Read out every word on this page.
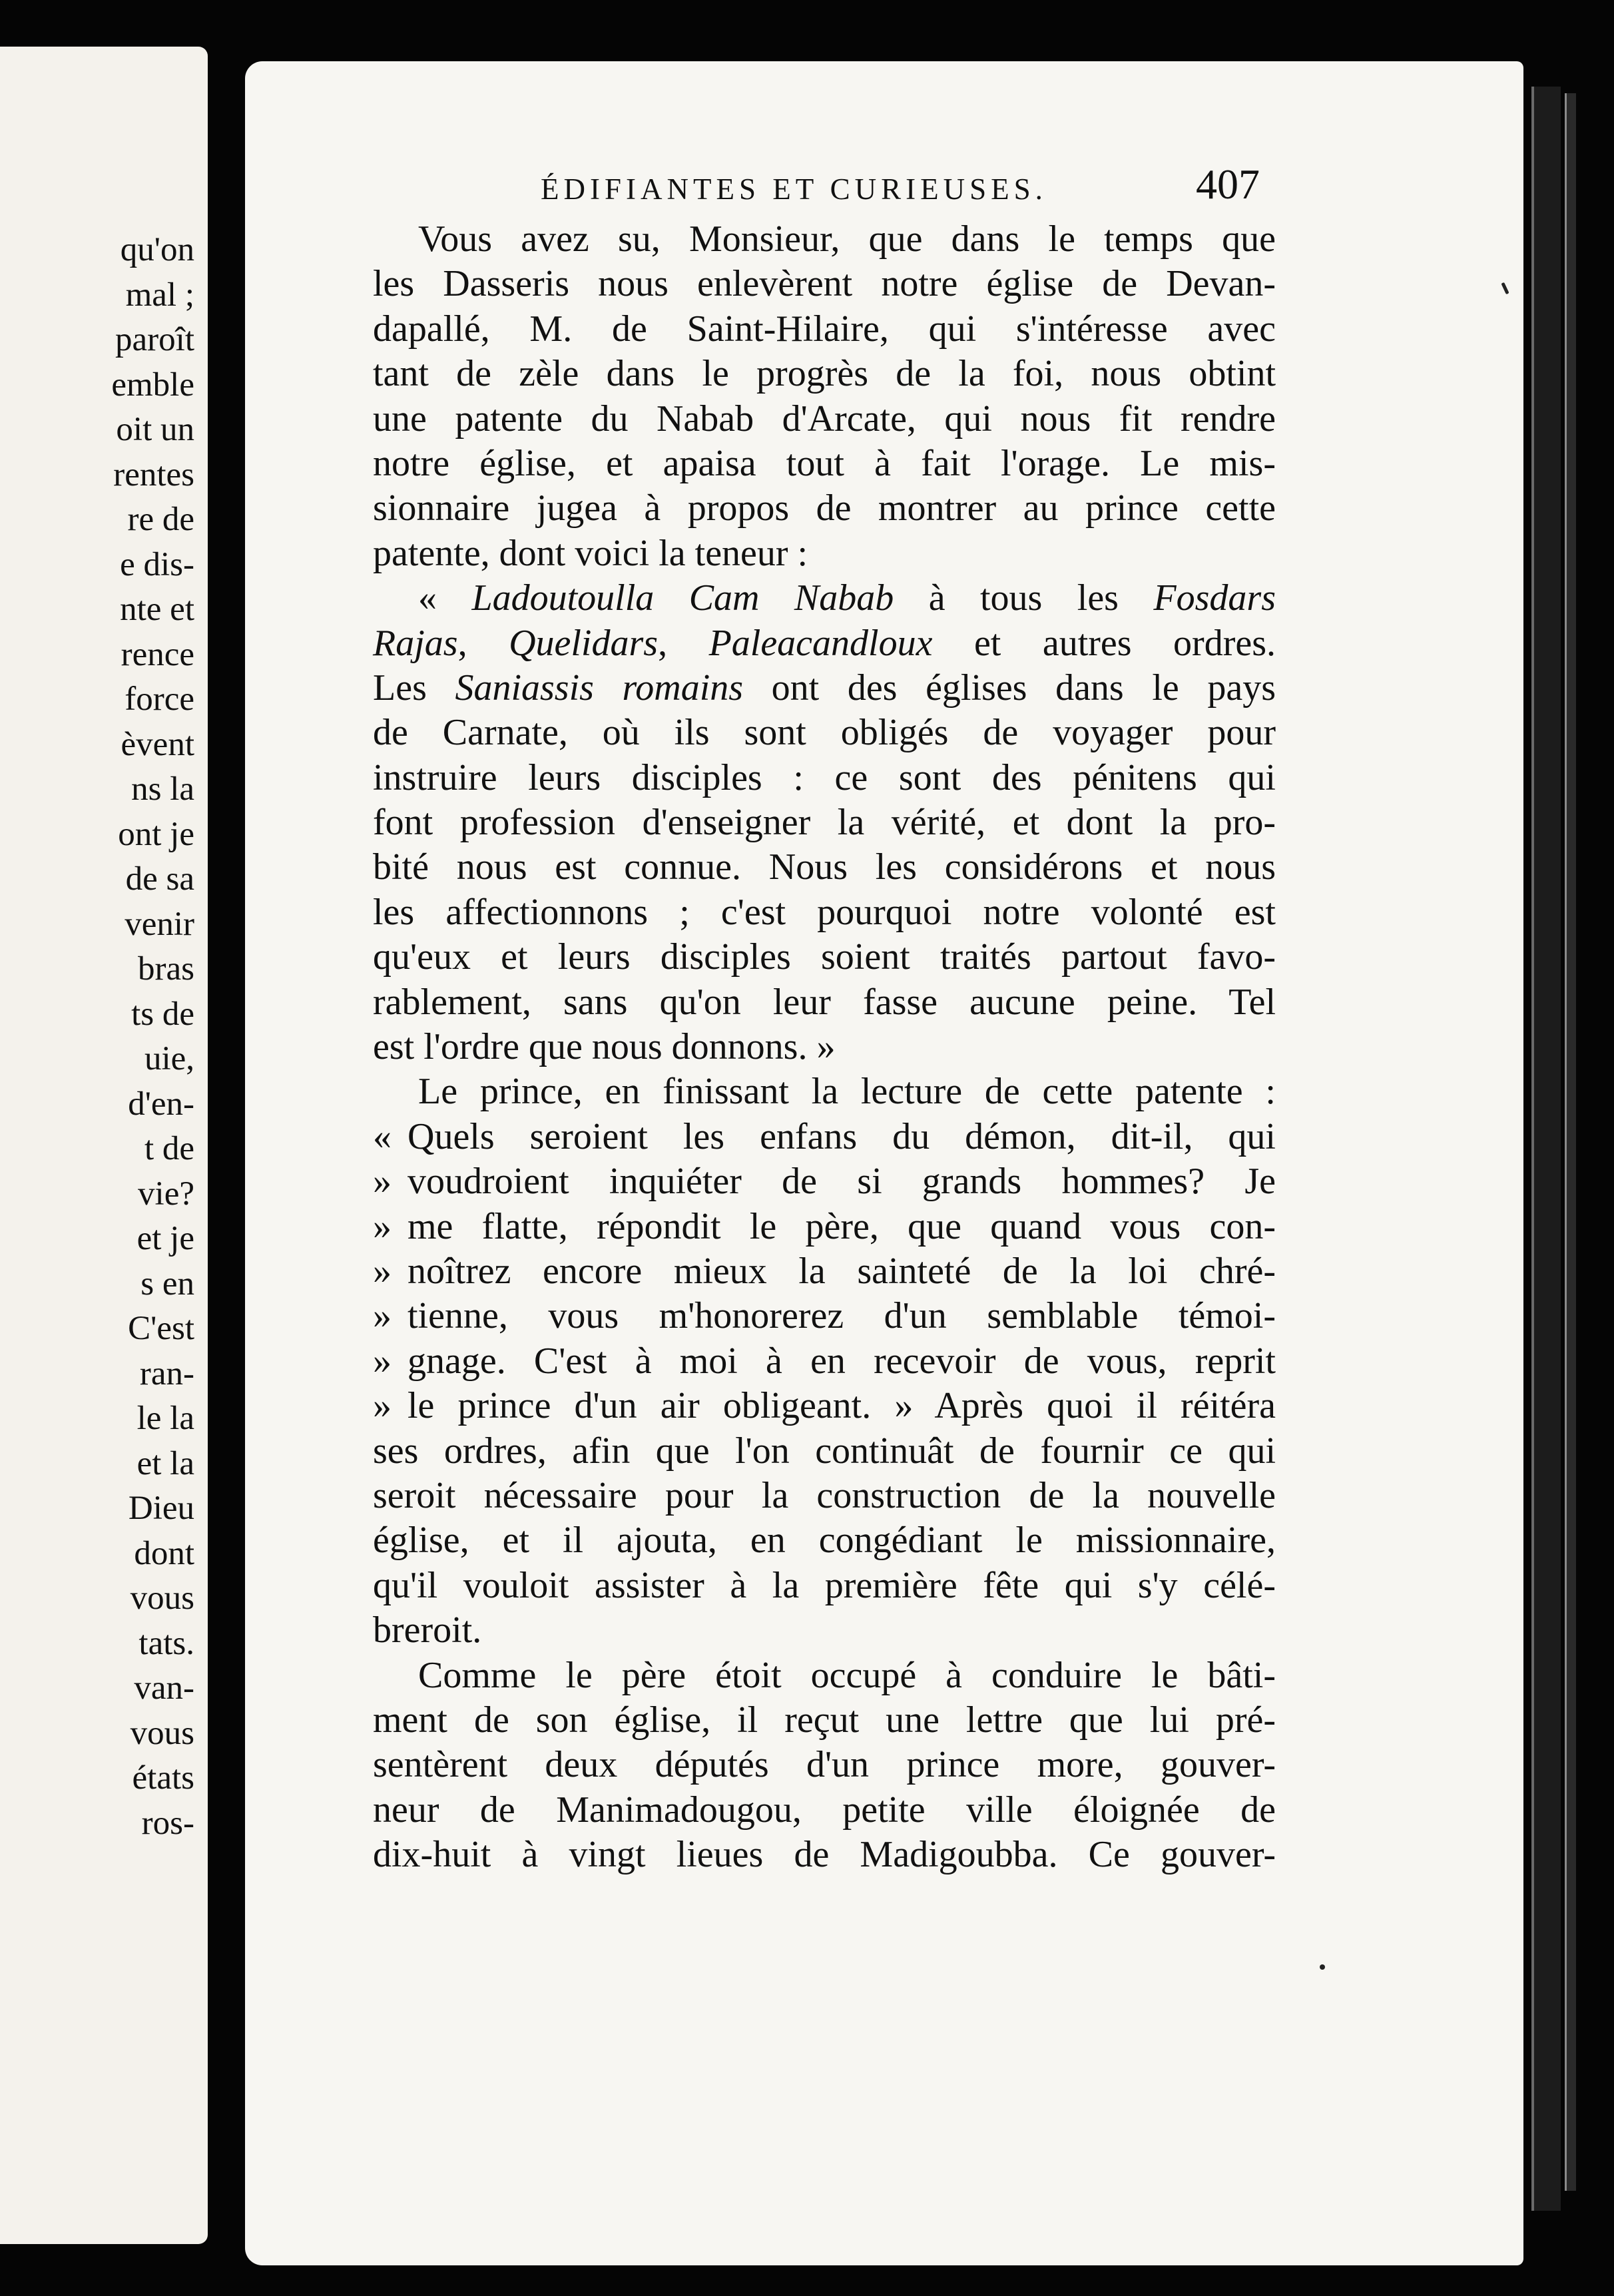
qu'on
mal ;
paroît
emble
oit un
rentes
re de
e dis-
nte et
rence
force
èvent
ns la
ont je
de sa
venir
bras
ts de
uie,
d'en-
t de
vie?
et je
s en
C'est
ran-
le la
et la
Dieu
dont
vous
tats.
van-
vous
états
ros-
ÉDIFIANTES ET CURIEUSES.	407
Vous avez su, Monsieur, que dans le temps que
les Dasseris nous enlevèrent notre église de Devan-
dapallé, M. de Saint-Hilaire, qui s'intéresse avec
tant de zèle dans le progrès de la foi, nous obtint
une patente du Nabab d'Arcate, qui nous fit rendre
notre église, et apaisa tout à fait l'orage. Le mis-
sionnaire jugea à propos de montrer au prince cette
patente, dont voici la teneur :
« Ladoutoulla Cam Nabab à tous les Fosdars
Rajas, Quelidars, Paleacandloux et autres ordres.
Les Saniassis romains ont des églises dans le pays
de Carnate, où ils sont obligés de voyager pour
instruire leurs disciples : ce sont des pénitens qui
font profession d'enseigner la vérité, et dont la pro-
bité nous est connue. Nous les considérons et nous
les affectionnons ; c'est pourquoi notre volonté est
qu'eux et leurs disciples soient traités partout favo-
rablement, sans qu'on leur fasse aucune peine. Tel
est l'ordre que nous donnons. »
Le prince, en finissant la lecture de cette patente :
« Quels seroient les enfans du démon, dit-il, qui
» voudroient inquiéter de si grands hommes? Je
» me flatte, répondit le père, que quand vous con-
» noîtrez encore mieux la sainteté de la loi chré-
» tienne, vous m'honorerez d'un semblable témoi-
» gnage. C'est à moi à en recevoir de vous, reprit
» le prince d'un air obligeant. » Après quoi il réitéra
ses ordres, afin que l'on continuât de fournir ce qui
seroit nécessaire pour la construction de la nouvelle
église, et il ajouta, en congédiant le missionnaire,
qu'il vouloit assister à la première fête qui s'y célé-
breroit.
Comme le père étoit occupé à conduire le bâti-
ment de son église, il reçut une lettre que lui pré-
sentèrent deux députés d'un prince more, gouver-
neur de Manimadougou, petite ville éloignée de
dix-huit à vingt lieues de Madigoubba. Ce gouver-
